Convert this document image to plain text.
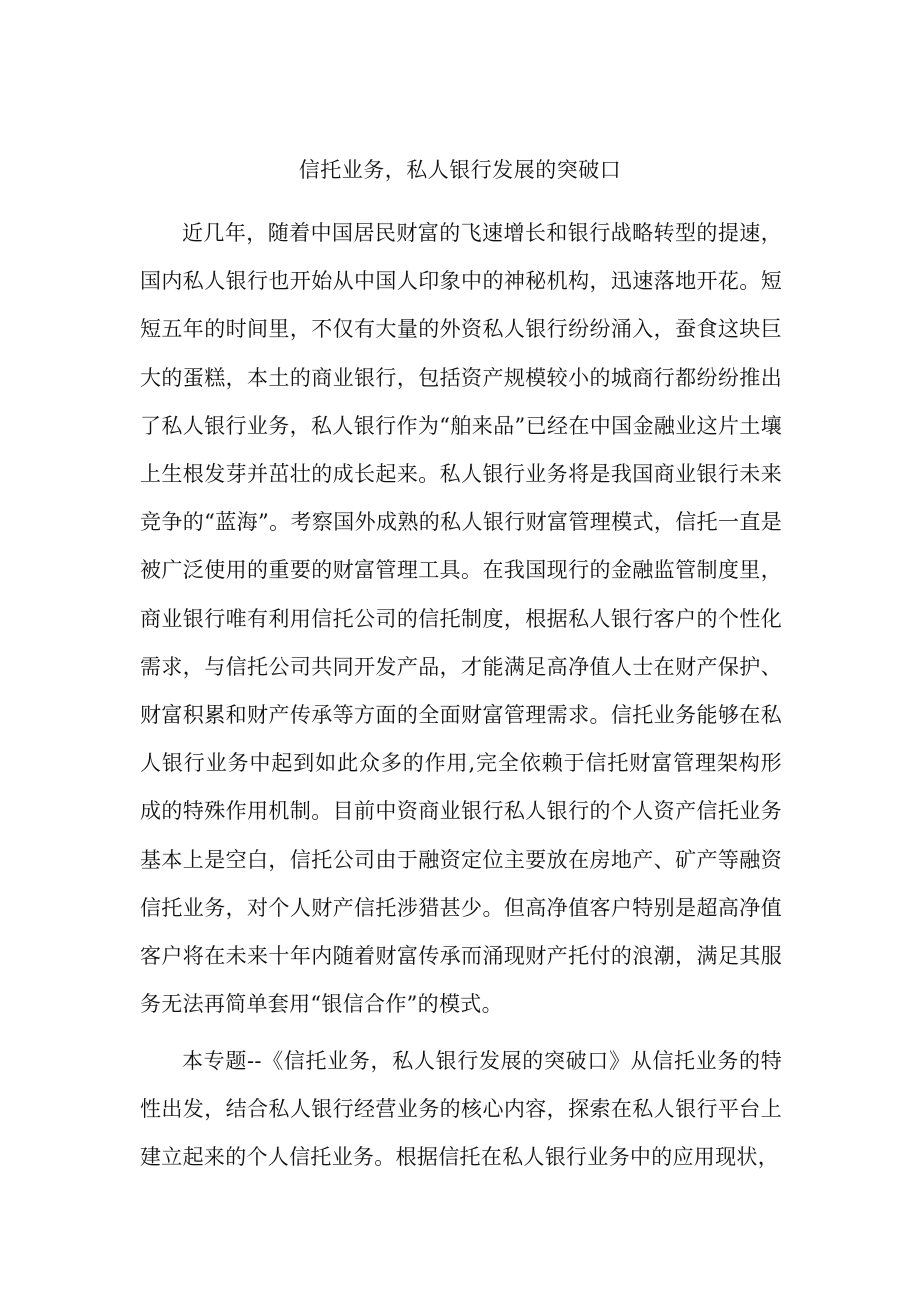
信托业务，私人银行发展的突破口

近几年，随着中国居民财富的飞速增长和银行战略转型的提速，国内私人银行也开始从中国人印象中的神秘机构，迅速落地开花。短短五年的时间里，不仅有大量的外资私人银行纷纷涌入，蚕食这块巨大的蛋糕，本土的商业银行，包括资产规模较小的城商行都纷纷推出了私人银行业务，私人银行作为“舶来品”已经在中国金融业这片土壤上生根发芽并茁壮的成长起来。私人银行业务将是我国商业银行未来竞争的“蓝海”。考察国外成熟的私人银行财富管理模式，信托一直是被广泛使用的重要的财富管理工具。在我国现行的金融监管制度里，商业银行唯有利用信托公司的信托制度，根据私人银行客户的个性化需求，与信托公司共同开发产品，才能满足高净值人士在财产保护、财富积累和财产传承等方面的全面财富管理需求。信托业务能够在私人银行业务中起到如此众多的作用,完全依赖于信托财富管理架构形成的特殊作用机制。目前中资商业银行私人银行的个人资产信托业务基本上是空白，信托公司由于融资定位主要放在房地产、矿产等融资信托业务，对个人财产信托涉猎甚少。但高净值客户特别是超高净值客户将在未来十年内随着财富传承而涌现财产托付的浪潮，满足其服务无法再简单套用“银信合作”的模式。

本专题--《信托业务，私人银行发展的突破口》从信托业务的特性出发，结合私人银行经营业务的核心内容，探索在私人银行平台上建立起来的个人信托业务。根据信托在私人银行业务中的应用现状，
